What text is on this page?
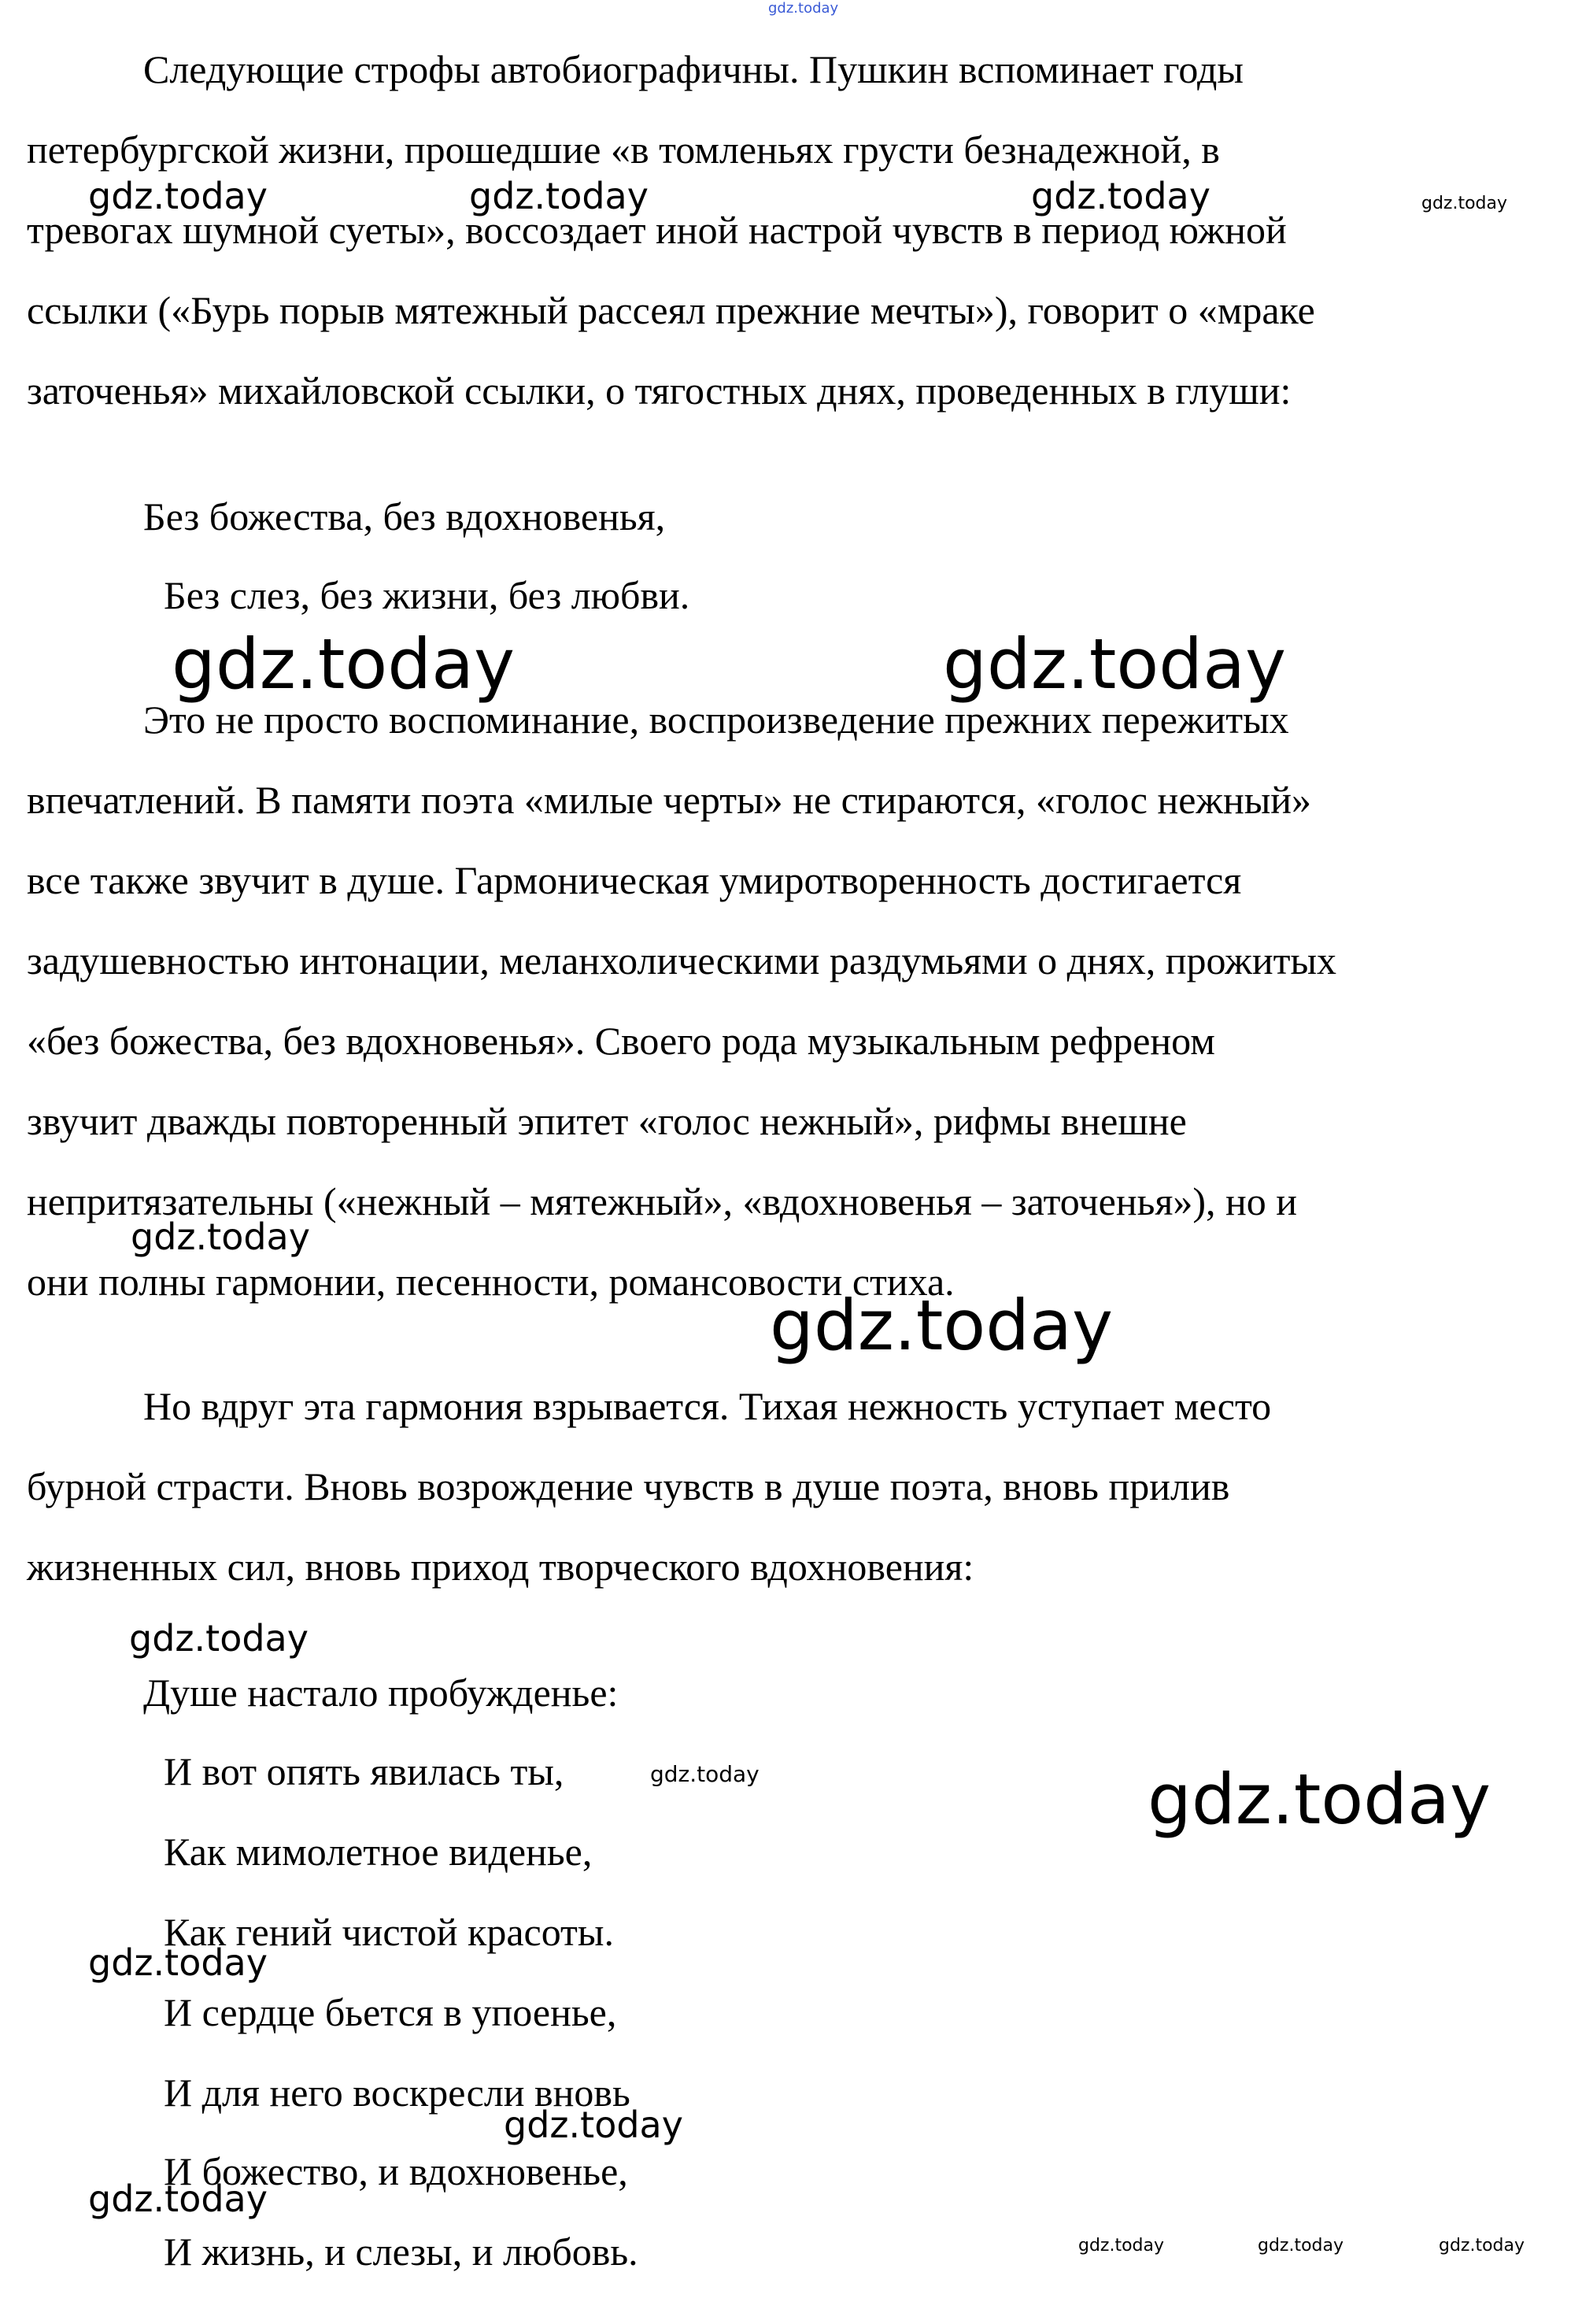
Следующие строфы автобиографичны. Пушкин вспоминает годы
петербургской жизни, прошедшие «в томленьях грусти безнадежной, в
тревогах шумной суеты», воссоздает иной настрой чувств в период южной
ссылки («Бурь порыв мятежный рассеял прежние мечты»), говорит о «мраке
заточенья» михайловской ссылки, о тягостных днях, проведенных в глуши:
Без божества, без вдохновенья,
Без слез, без жизни, без любви.
Это не просто воспоминание, воспроизведение прежних пережитых
впечатлений. В памяти поэта «милые черты» не стираются, «голос нежный»
все также звучит в душе. Гармоническая умиротворенность достигается
задушевностью интонации, меланхолическими раздумьями о днях, прожитых
«без божества, без вдохновенья». Своего рода музыкальным рефреном
звучит дважды повторенный эпитет «голос нежный», рифмы внешне
непритязательны («нежный – мятежный», «вдохновенья – заточенья»), но и
они полны гармонии, песенности, романсовости стиха.
Но вдруг эта гармония взрывается. Тихая нежность уступает место
бурной страсти. Вновь возрождение чувств в душе поэта, вновь прилив
жизненных сил, вновь приход творческого вдохновения:
Душе настало пробужденье:
И вот опять явилась ты,
Как мимолетное виденье,
Как гений чистой красоты.
И сердце бьется в упоенье,
И для него воскресли вновь
И божество, и вдохновенье,
И жизнь, и слезы, и любовь.
gdz.today
gdz.today	gdz.today	gdz.today	gdz.today
gdz.today	gdz.today
gdz.today
gdz.today
gdz.today
gdz.today	gdz.today
gdz.today
gdz.today
gdz.today
gdz.today	gdz.today	gdz.today
